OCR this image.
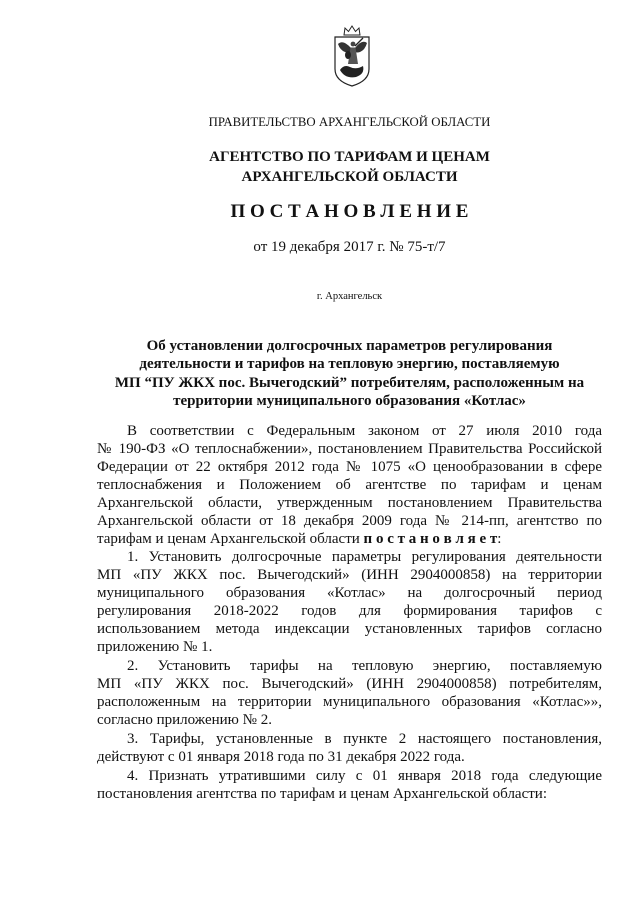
ПРАВИТЕЛЬСТВО АРХАНГЕЛЬСКОЙ ОБЛАСТИ
АГЕНТСТВО ПО ТАРИФАМ И ЦЕНАМ
АРХАНГЕЛЬСКОЙ ОБЛАСТИ
П О С Т А Н О В Л Е Н И Е
от 19 декабря 2017 г. № 75-т/7
г. Архангельск
Об установлении долгосрочных параметров регулирования
деятельности и тарифов на тепловую энергию, поставляемую
МП “ПУ ЖКХ пос. Вычегодский” потребителям, расположенным на
территории муниципального образования «Котлас»
В соответствии с Федеральным законом от 27 июля 2010 года
№ 190-ФЗ «О теплоснабжении», постановлением Правительства Российской
Федерации от 22 октября 2012 года № 1075 «О ценообразовании в сфере
теплоснабжения и Положением об агентстве по тарифам и ценам
Архангельской области, утвержденным постановлением Правительства
Архангельской области от 18 декабря 2009 года № 214-пп, агентство по
тарифам и ценам Архангельской области п о с т а н о в л я е т:
1. Установить долгосрочные параметры регулирования деятельности
МП «ПУ ЖКХ пос. Вычегодский» (ИНН 2904000858) на территории
муниципального образования «Котлас» на долгосрочный период
регулирования 2018-2022 годов для формирования тарифов с
использованием метода индексации установленных тарифов согласно
приложению № 1.
2. Установить тарифы на тепловую энергию, поставляемую
МП «ПУ ЖКХ пос. Вычегодский» (ИНН 2904000858) потребителям,
расположенным на территории муниципального образования «Котлас»»,
согласно приложению № 2.
3. Тарифы, установленные в пункте 2 настоящего постановления,
действуют с 01 января 2018 года по 31 декабря 2022 года.
4. Признать утратившими силу с 01 января 2018 года следующие
постановления агентства по тарифам и ценам Архангельской области:
